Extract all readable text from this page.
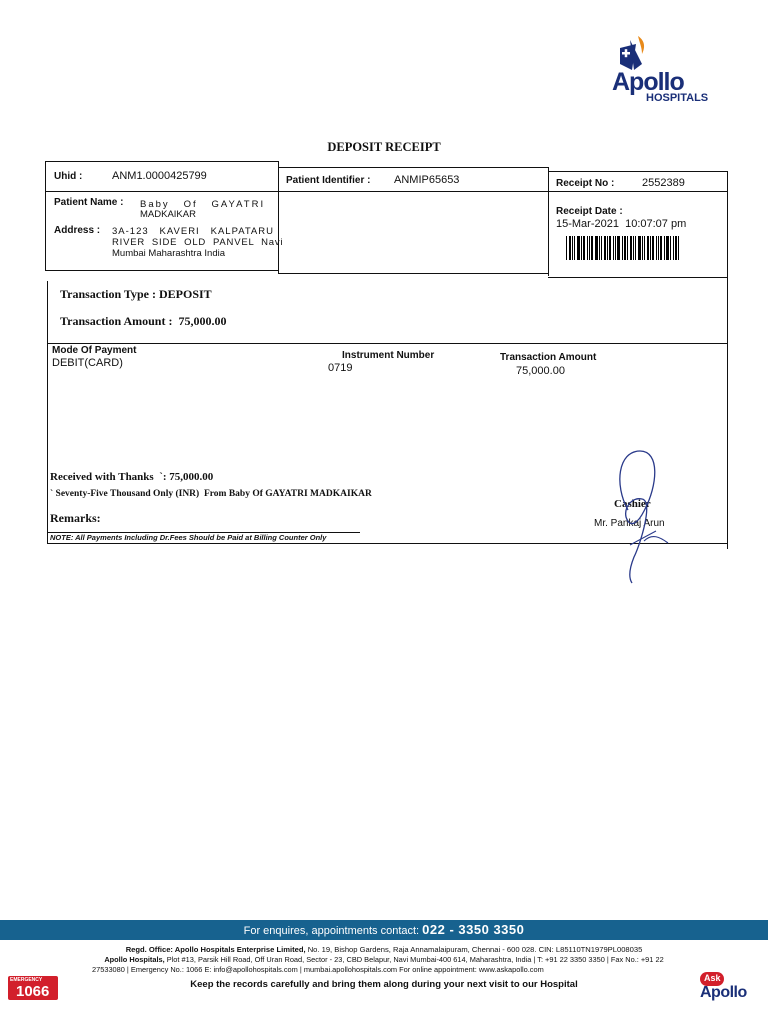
Apollo
HOSPITALS
DEPOSIT RECEIPT
Uhid :	ANM1.0000425799	Patient Identifier : ANMIP65653	Receipt No :	2552389
Patient Name : Baby   Of   GAYATRI
MADKAIKAR
Address : 3A-123   KAVERI   KALPATARU
RIVER  SIDE  OLD  PANVEL  Navi
Mumbai Maharashtra India
Receipt Date :
15-Mar-2021  10:07:07 pm
Transaction Type : DEPOSIT
Transaction Amount :  75,000.00
Mode Of Payment	Instrument Number	Transaction Amount
DEBIT(CARD)	0719	75,000.00
Received with Thanks  `: 75,000.00
` Seventy-Five Thousand Only (INR)  From Baby Of GAYATRI MADKAIKAR
Remarks:
NOTE: All Payments Including Dr.Fees Should be Paid at Billing Counter Only
Cashier
Mr. Pankaj Arun
For enquires, appointments contact: 022 - 3350 3350
Regd. Office: Apollo Hospitals Enterprise Limited, No. 19, Bishop Gardens, Raja Annamalaipuram, Chennai - 600 028. CIN: L85110TN1979PL008035
Apollo Hospitals, Plot #13, Parsik Hill Road, Off Uran Road, Sector - 23, CBD Belapur, Navi Mumbai-400 614, Maharashtra, India | T: +91 22 3350 3350 | Fax No.: +91 22
27533080 | Emergency No.: 1066 E: info@apollohospitals.com | mumbai.apollohospitals.com For online appointment: www.askapollo.com
Keep the records carefully and bring them along during your next visit to our Hospital
EMERGENCY
1066
Ask
Apollo
